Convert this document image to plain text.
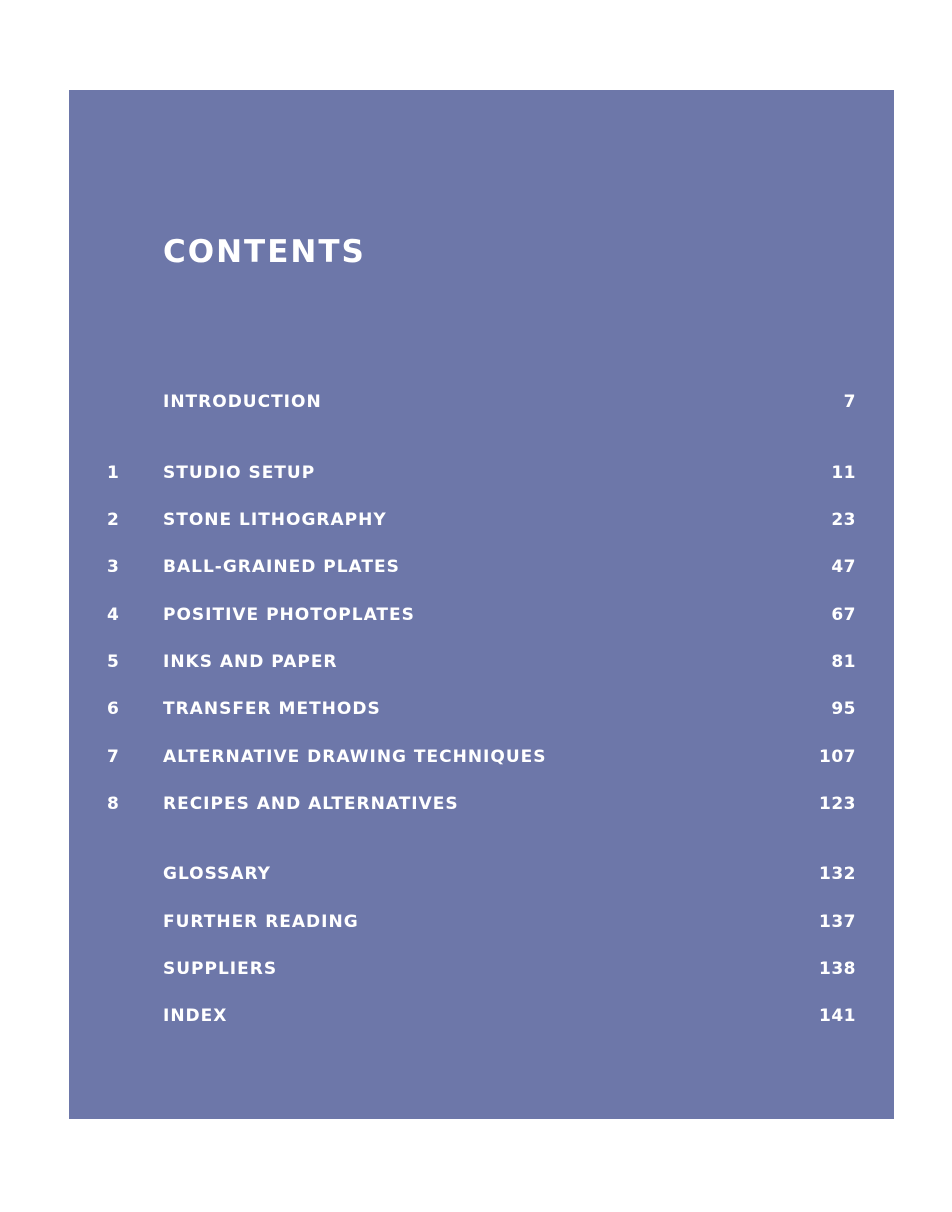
CONTENTS
INTRODUCTION	7
1	STUDIO SETUP	11
2	STONE LITHOGRAPHY	23
3	BALL-GRAINED PLATES	47
4	POSITIVE PHOTOPLATES	67
5	INKS AND PAPER	81
6	TRANSFER METHODS	95
7	ALTERNATIVE DRAWING TECHNIQUES	107
8	RECIPES AND ALTERNATIVES	123
GLOSSARY	132
FURTHER READING	137
SUPPLIERS	138
INDEX	141
